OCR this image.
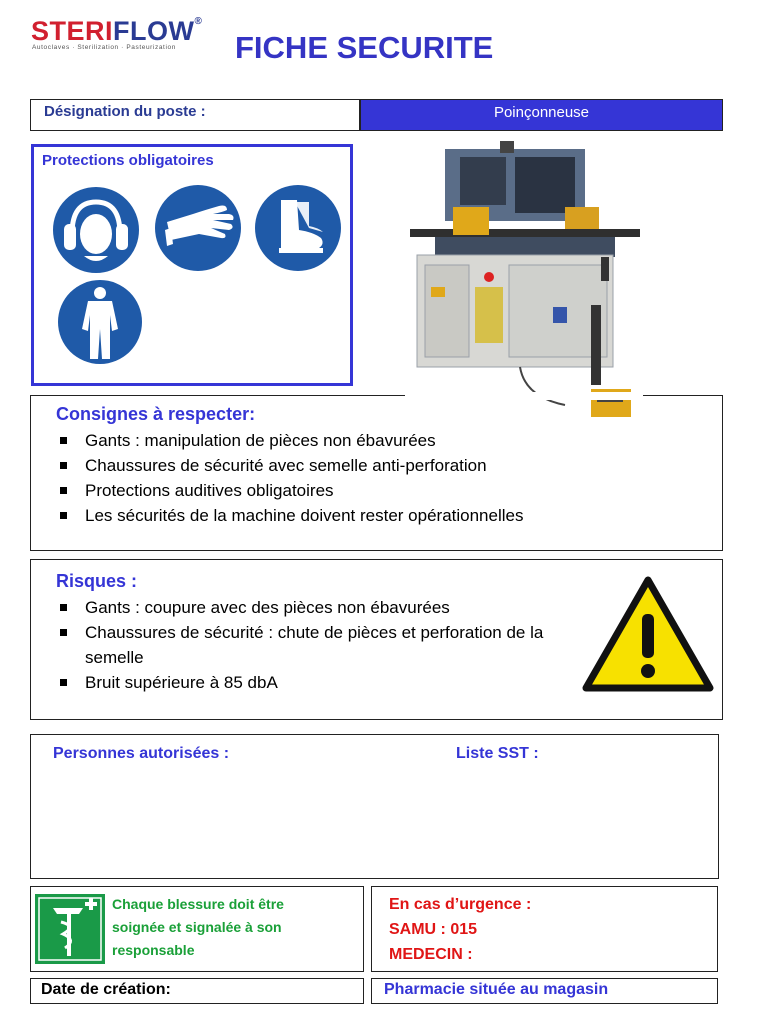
STERIFLOW®
Autoclaves · Sterilization · Pasteurization FICHE SECURITE
Désignation du poste :	Poinçonneuse
Protections obligatoires
Consignes à respecter:
Gants : manipulation de pièces non ébavurées
Chaussures de sécurité avec semelle anti-perforation
Protections auditives obligatoires
Les sécurités de la machine doivent rester opérationnelles
Risques :
Gants : coupure avec des pièces non ébavurées
Chaussures de sécurité : chute de pièces et perforation de la semelle
Bruit supérieure à 85 dbA
Personnes autorisées :	Liste SST :
Chaque blessure doit être
soignée et signalée à son
responsable
En cas d’urgence :
SAMU : 015
MEDECIN :
Date de création:	Pharmacie située au magasin
